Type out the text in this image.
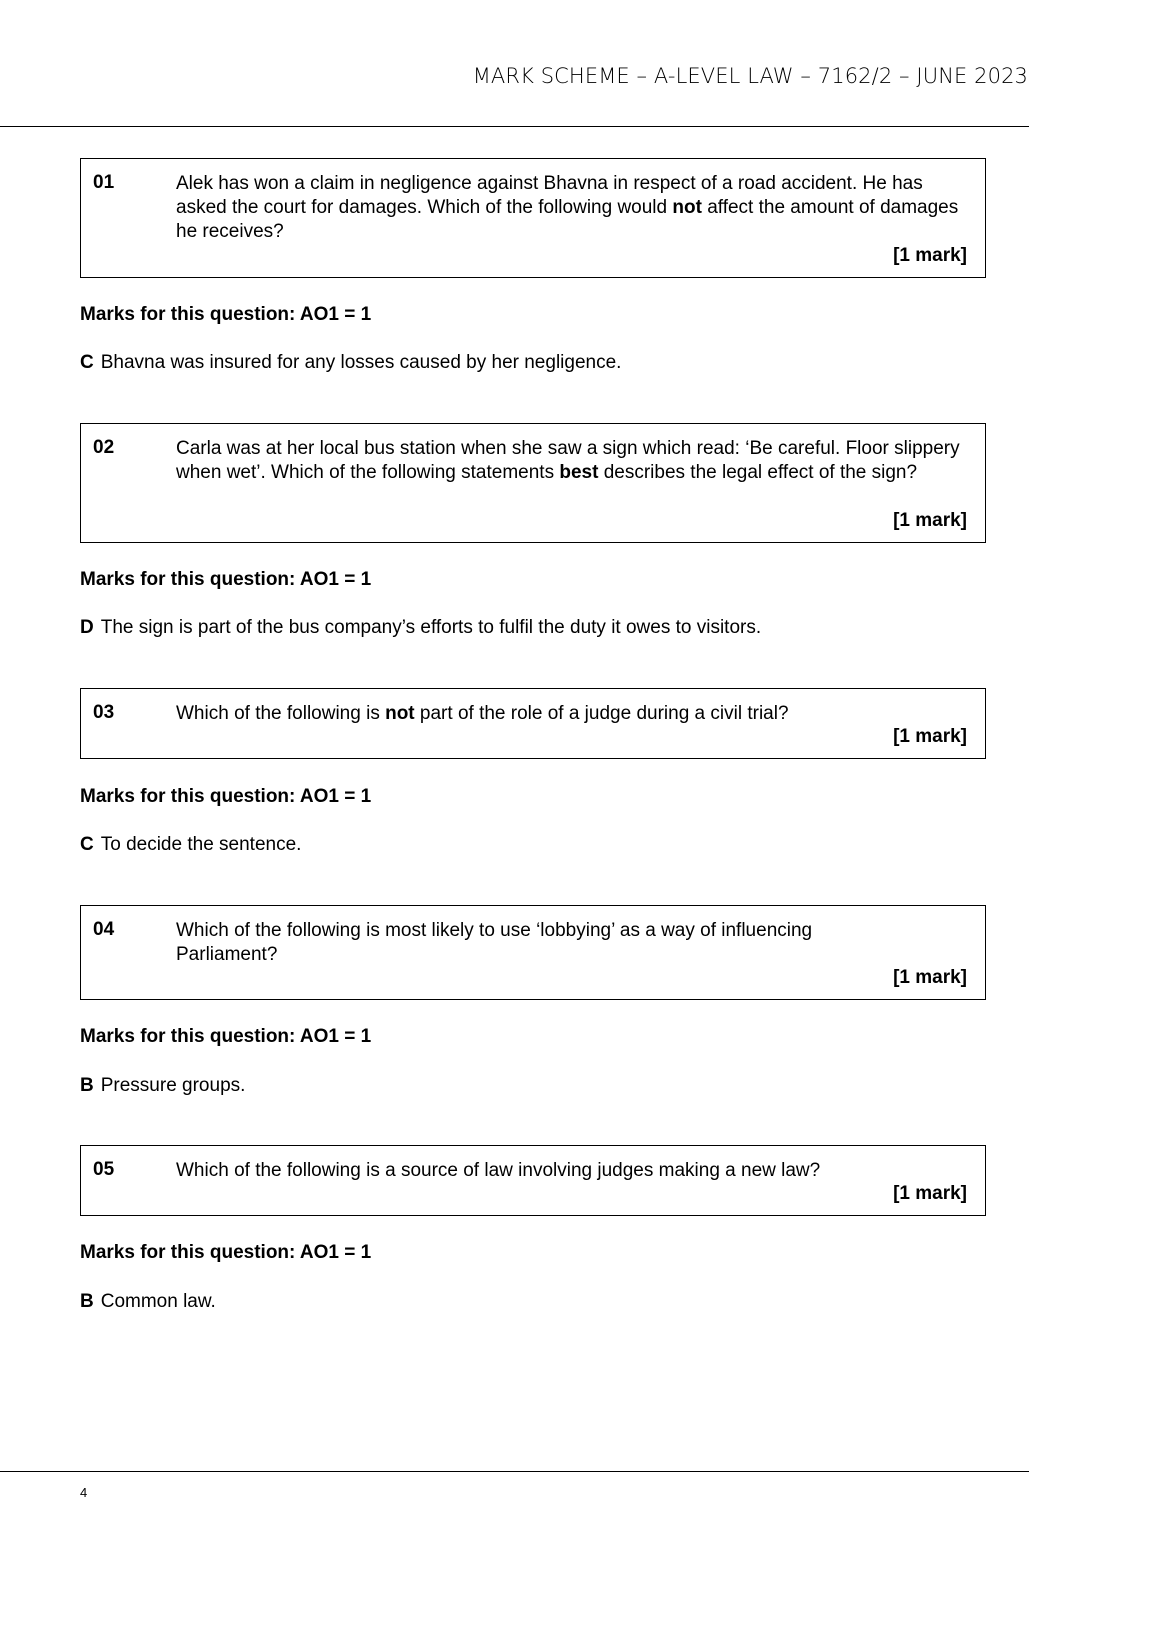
MARK SCHEME – A-LEVEL LAW – 7162/2 – JUNE 2023
01	Alek has won a claim in negligence against Bhavna in respect of a road accident. He has asked the court for damages. Which of the following would not affect the amount of damages he receives?
[1 mark]
Marks for this question: AO1 = 1
C Bhavna was insured for any losses caused by her negligence.
02	Carla was at her local bus station when she saw a sign which read: ‘Be careful. Floor slippery when wet’. Which of the following statements best describes the legal effect of the sign?
[1 mark]
Marks for this question: AO1 = 1
D The sign is part of the bus company’s efforts to fulfil the duty it owes to visitors.
03	Which of the following is not part of the role of a judge during a civil trial?
[1 mark]
Marks for this question: AO1 = 1
C To decide the sentence.
04	Which of the following is most likely to use ‘lobbying’ as a way of influencing Parliament?
[1 mark]
Marks for this question: AO1 = 1
B Pressure groups.
05	Which of the following is a source of law involving judges making a new law?
[1 mark]
Marks for this question: AO1 = 1
B Common law.
4
